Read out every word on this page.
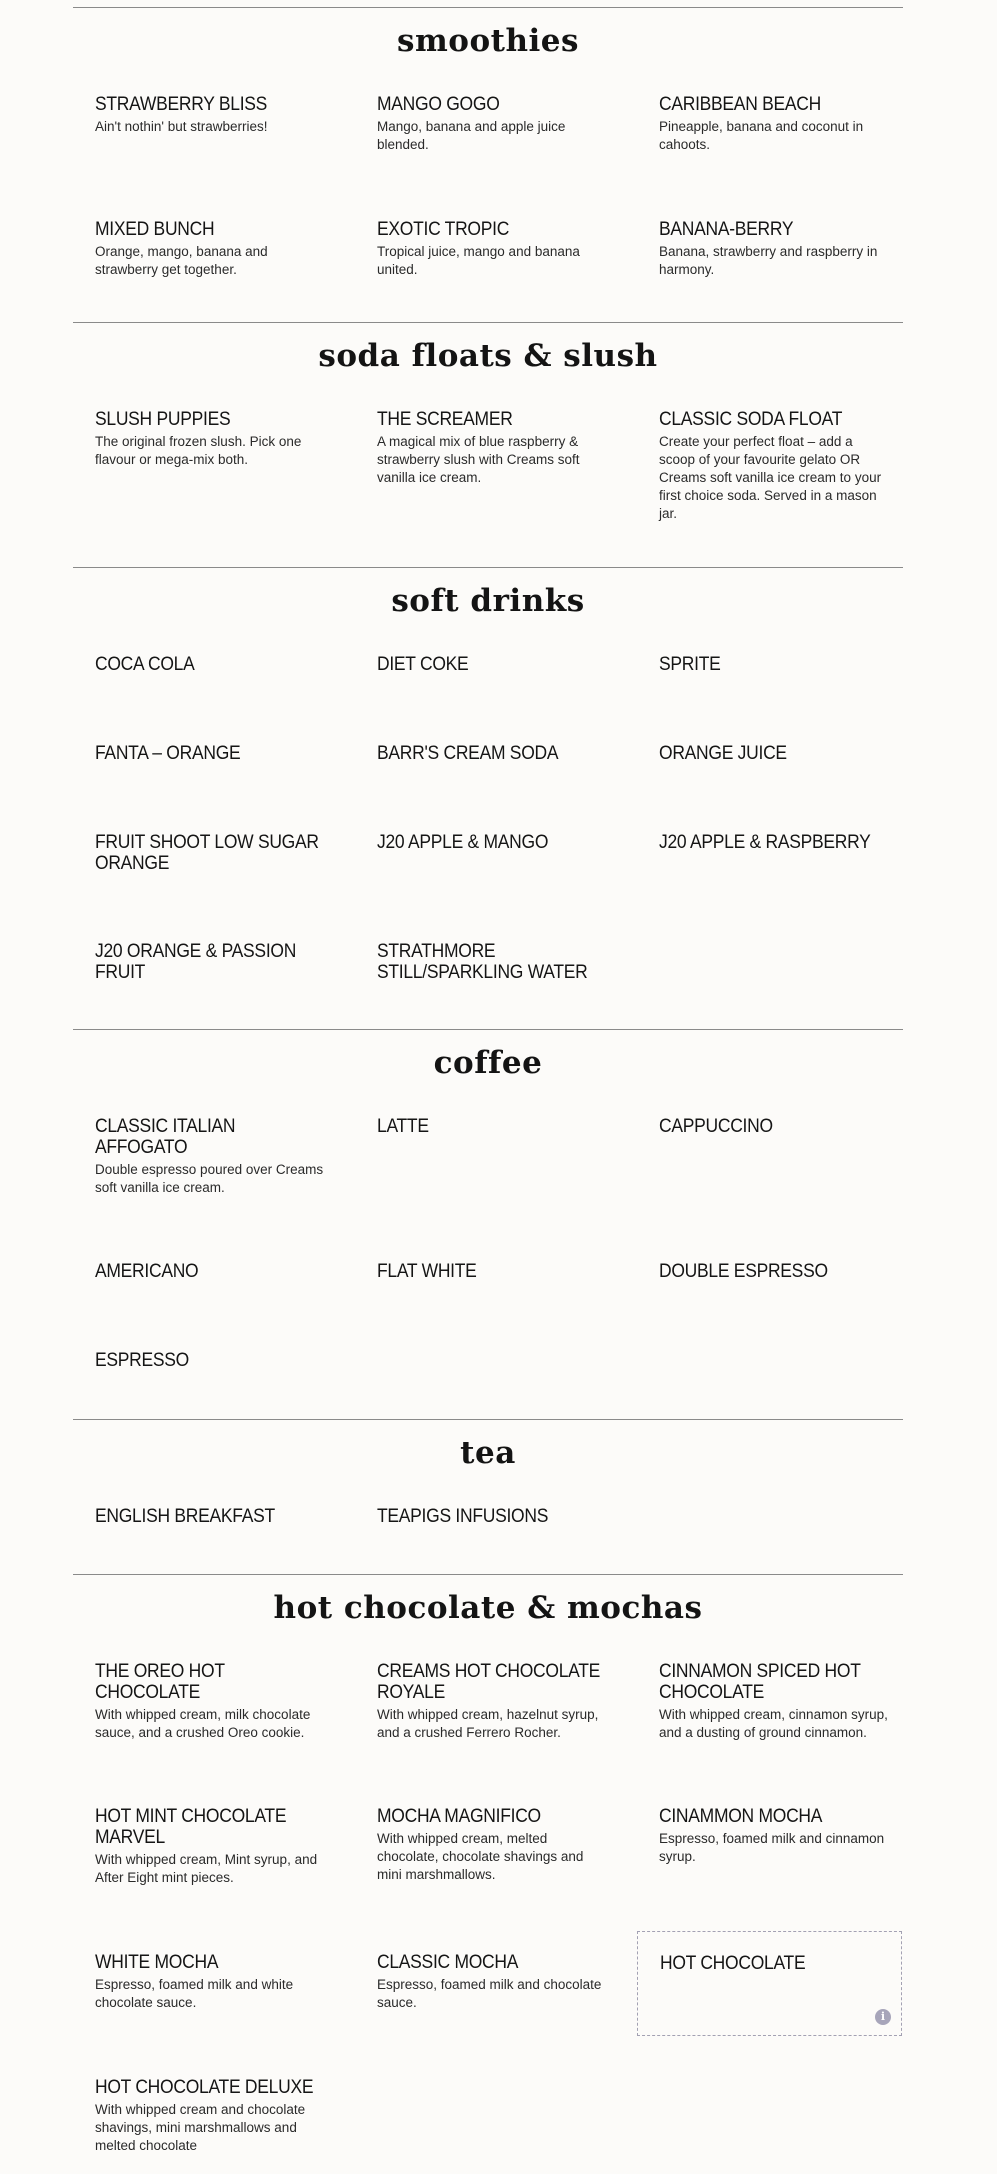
smoothies
STRAWBERRY BLISS
Ain't nothin' but strawberries!
MANGO GOGO
Mango, banana and apple juice blended.
CARIBBEAN BEACH
Pineapple, banana and coconut in cahoots.
MIXED BUNCH
Orange, mango, banana and strawberry get together.
EXOTIC TROPIC
Tropical juice, mango and banana united.
BANANA-BERRY
Banana, strawberry and raspberry in harmony.
soda floats & slush
SLUSH PUPPIES
The original frozen slush. Pick one flavour or mega-mix both.
THE SCREAMER
A magical mix of blue raspberry & strawberry slush with Creams soft vanilla ice cream.
CLASSIC SODA FLOAT
Create your perfect float – add a scoop of your favourite gelato OR Creams soft vanilla ice cream to your first choice soda. Served in a mason jar.
soft drinks
COCA COLA	DIET COKE	SPRITE
FANTA – ORANGE	BARR'S CREAM SODA	ORANGE JUICE
FRUIT SHOOT LOW SUGAR ORANGE
J20 APPLE & MANGO	J20 APPLE & RASPBERRY
J20 ORANGE & PASSION FRUIT
STRATHMORE STILL/SPARKLING WATER
coffee
CLASSIC ITALIAN AFFOGATO
Double espresso poured over Creams soft vanilla ice cream.
LATTE	CAPPUCCINO
AMERICANO	FLAT WHITE	DOUBLE ESPRESSO
ESPRESSO
tea
ENGLISH BREAKFAST	TEAPIGS INFUSIONS
hot chocolate & mochas
THE OREO HOT CHOCOLATE
With whipped cream, milk chocolate sauce, and a crushed Oreo cookie.
CREAMS HOT CHOCOLATE ROYALE
With whipped cream, hazelnut syrup, and a crushed Ferrero Rocher.
CINNAMON SPICED HOT CHOCOLATE
With whipped cream, cinnamon syrup, and a dusting of ground cinnamon.
HOT MINT CHOCOLATE MARVEL
With whipped cream, Mint syrup, and After Eight mint pieces.
MOCHA MAGNIFICO
With whipped cream, melted chocolate, chocolate shavings and mini marshmallows.
CINAMMON MOCHA
Espresso, foamed milk and cinnamon syrup.
WHITE MOCHA
Espresso, foamed milk and white chocolate sauce.
CLASSIC MOCHA
Espresso, foamed milk and chocolate sauce.
HOT CHOCOLATE
i
HOT CHOCOLATE DELUXE
With whipped cream and chocolate shavings, mini marshmallows and melted chocolate
